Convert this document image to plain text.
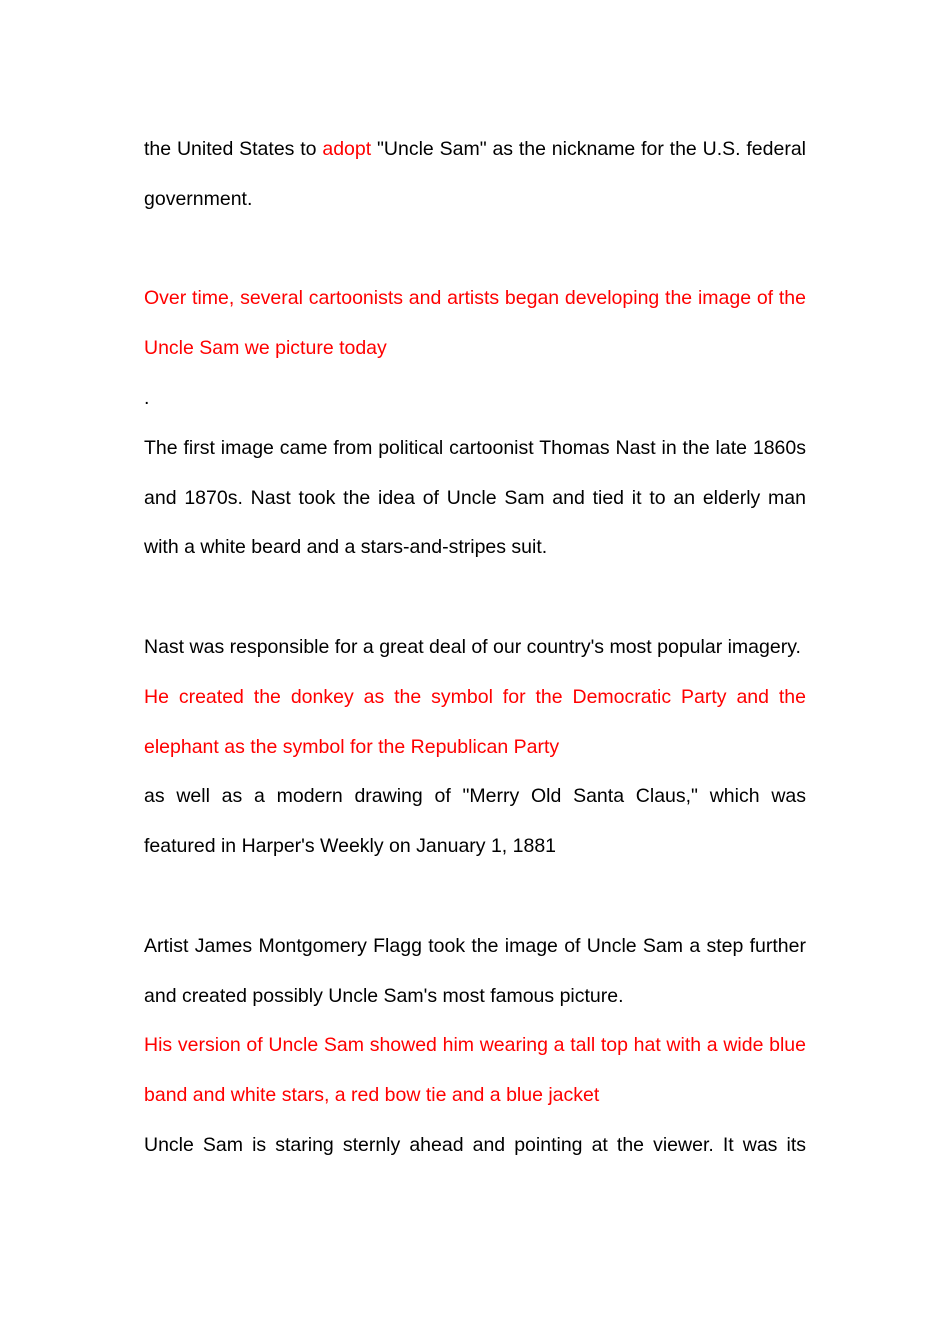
the United States to adopt "Uncle Sam" as the nickname for the U.S. federal government.

Over time, several cartoonists and artists began developing the image of the Uncle Sam we picture today

.

The first image came from political cartoonist Thomas Nast in the late 1860s and 1870s. Nast took the idea of Uncle Sam and tied it to an elderly man with a white beard and a stars-and-stripes suit.

Nast was responsible for a great deal of our country's most popular imagery.

He created the donkey as the symbol for the Democratic Party and the elephant as the symbol for the Republican Party

as well as a modern drawing of "Merry Old Santa Claus," which was featured in Harper's Weekly on January 1, 1881

Artist James Montgomery Flagg took the image of Uncle Sam a step further and created possibly Uncle Sam's most famous picture.

His version of Uncle Sam showed him wearing a tall top hat with a wide blue band and white stars, a red bow tie and a blue jacket

Uncle Sam is staring sternly ahead and pointing at the viewer. It was its
